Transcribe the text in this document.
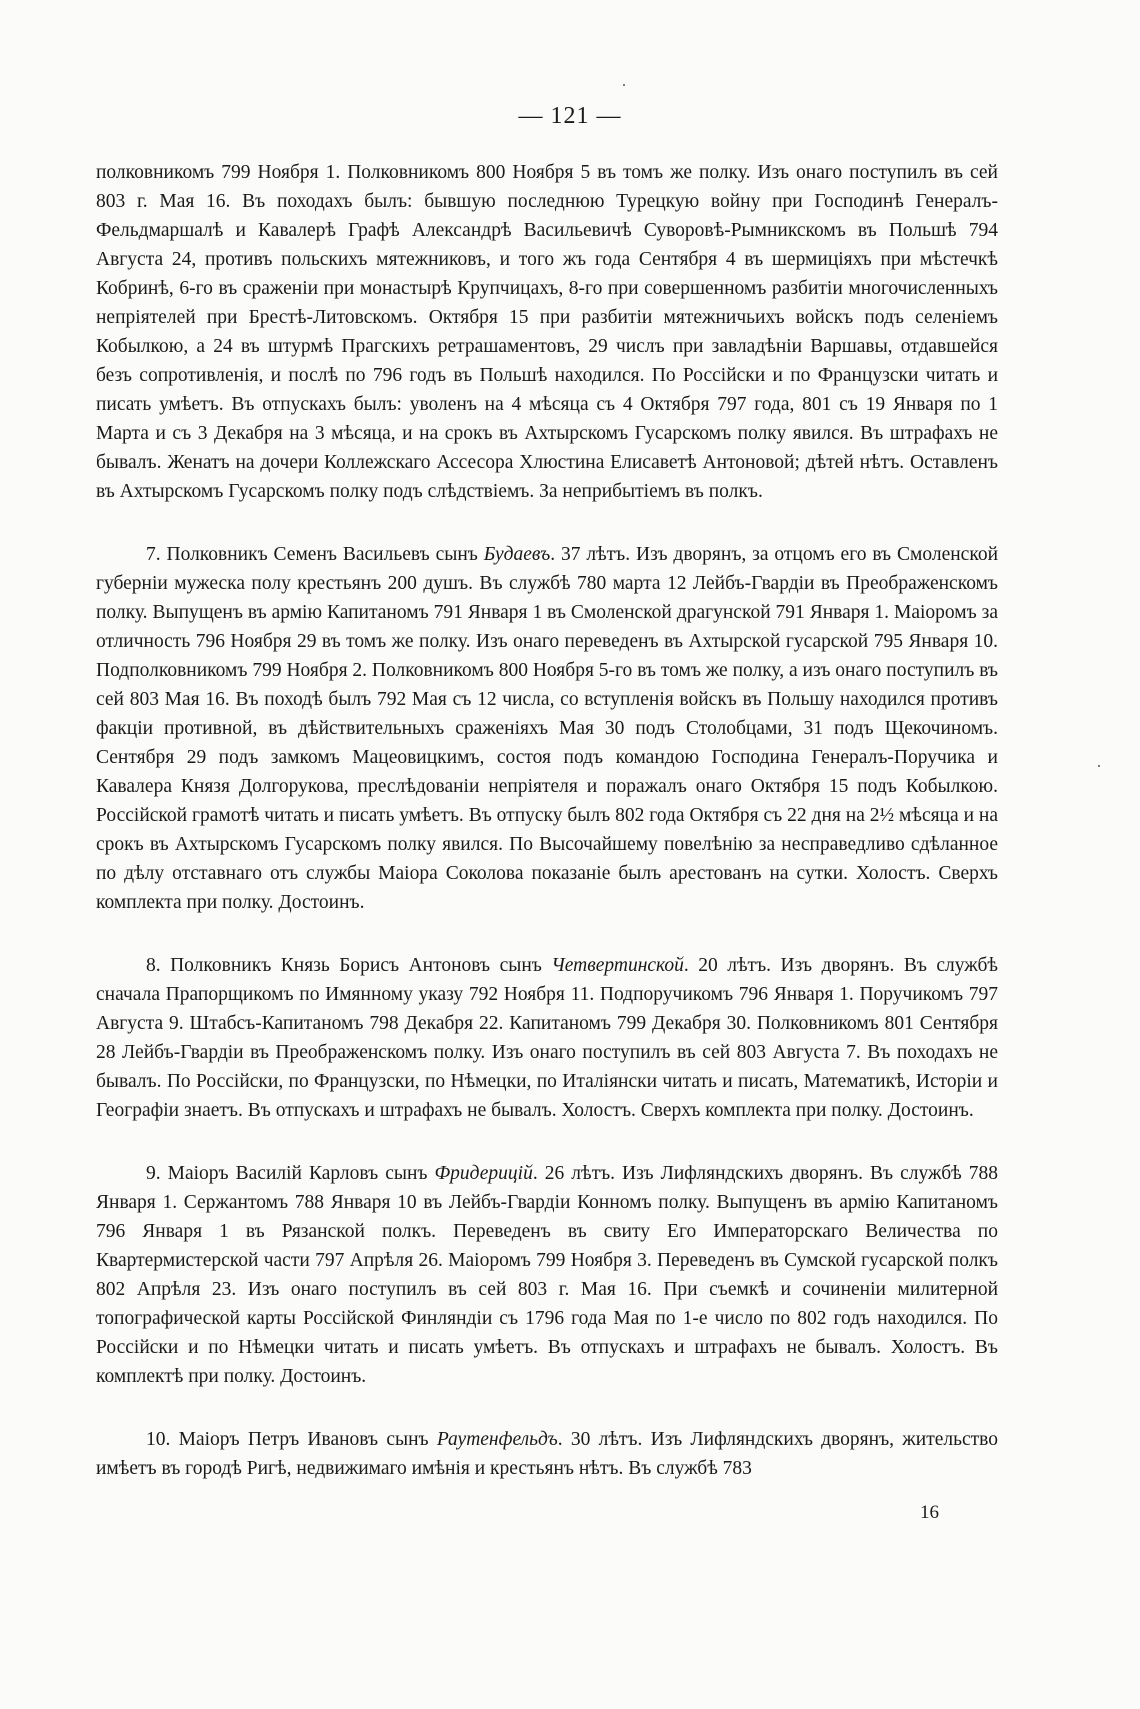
— 121 —

полковникомъ 799 Ноября 1. Полковникомъ 800 Ноября 5 въ томъ же полку. Изъ онаго поступилъ въ сей 803 г. Мая 16. Въ походахъ былъ: бывшую последнюю Турецкую войну при Господинѣ Генералъ-Фельдмаршалѣ и Кавалерѣ Графѣ Александрѣ Васильевичѣ Суворовѣ-Рымникскомъ въ Польшѣ 794 Августа 24, противъ польскихъ мятежниковъ, и того жъ года Сентября 4 въ шермиціяхъ при мѣстечкѣ Кобринѣ, 6-го въ сраженіи при монастырѣ Крупчицахъ, 8-го при совершенномъ разбитіи многочисленныхъ непріятелей при Брестѣ-Литовскомъ. Октября 15 при разбитіи мятежничьихъ войскъ подъ селеніемъ Кобылкою, а 24 въ штурмѣ Прагскихъ ретрашаментовъ, 29 числъ при завладѣніи Варшавы, отдавшейся безъ сопротивленія, и послѣ по 796 годъ въ Польшѣ находился. По Россійски и по Французски читать и писать умѣетъ. Въ отпускахъ былъ: уволенъ на 4 мѣсяца съ 4 Октября 797 года, 801 съ 19 Января по 1 Марта и съ 3 Декабря на 3 мѣсяца, и на срокъ въ Ахтырскомъ Гусарскомъ полку явился. Въ штрафахъ не бывалъ. Женатъ на дочери Коллежскаго Ассесора Хлюстина Елисаветѣ Антоновой; дѣтей нѣтъ. Оставленъ въ Ахтырскомъ Гусарскомъ полку подъ слѣдствіемъ. За неприбытіемъ въ полкъ.

7. Полковникъ Семенъ Васильевъ сынъ Будаевъ. 37 лѣтъ. Изъ дворянъ, за отцомъ его въ Смоленской губерніи мужеска полу крестьянъ 200 душъ. Въ службѣ 780 марта 12 Лейбъ-Гвардіи въ Преображенскомъ полку. Выпущенъ въ армію Капитаномъ 791 Января 1 въ Смоленской драгунской 791 Января 1. Маіоромъ за отличность 796 Ноября 29 въ томъ же полку. Изъ онаго переведенъ въ Ахтырской гусарской 795 Января 10. Подполковникомъ 799 Ноября 2. Полковникомъ 800 Ноября 5-го въ томъ же полку, а изъ онаго поступилъ въ сей 803 Мая 16. Въ походѣ былъ 792 Мая съ 12 числа, со вступленія войскъ въ Польшу находился противъ факціи противной, въ дѣйствительныхъ сраженіяхъ Мая 30 подъ Столобцами, 31 подъ Щекочиномъ. Сентября 29 подъ замкомъ Мацеовицкимъ, состоя подъ командою Господина Генералъ-Поручика и Кавалера Князя Долгорукова, преслѣдованіи непріятеля и поражалъ онаго Октября 15 подъ Кобылкою. Россійской грамотѣ читать и писать умѣетъ. Въ отпуску былъ 802 года Октября съ 22 дня на 2½ мѣсяца и на срокъ въ Ахтырскомъ Гусарскомъ полку явился. По Высочайшему повелѣнію за несправедливо сдѣланное по дѣлу отставнаго отъ службы Маіора Соколова показаніе былъ арестованъ на сутки. Холостъ. Сверхъ комплекта при полку. Достоинъ.

8. Полковникъ Князь Борисъ Антоновъ сынъ Четвертинской. 20 лѣтъ. Изъ дворянъ. Въ службѣ сначала Прапорщикомъ по Имянному указу 792 Ноября 11. Подпоручикомъ 796 Января 1. Поручикомъ 797 Августа 9. Штабсъ-Капитаномъ 798 Декабря 22. Капитаномъ 799 Декабря 30. Полковникомъ 801 Сентября 28 Лейбъ-Гвардіи въ Преображенскомъ полку. Изъ онаго поступилъ въ сей 803 Августа 7. Въ походахъ не бывалъ. По Россійски, по Французски, по Нѣмецки, по Италіянски читать и писать, Математикѣ, Исторіи и Географіи знаетъ. Въ отпускахъ и штрафахъ не бывалъ. Холостъ. Сверхъ комплекта при полку. Достоинъ.

9. Маіоръ Василій Карловъ сынъ Фридерицій. 26 лѣтъ. Изъ Лифляндскихъ дворянъ. Въ службѣ 788 Января 1. Сержантомъ 788 Января 10 въ Лейбъ-Гвардіи Конномъ полку. Выпущенъ въ армію Капитаномъ 796 Января 1 въ Рязанской полкъ. Переведенъ въ свиту Его Императорскаго Величества по Квартермистерской части 797 Апрѣля 26. Маіоромъ 799 Ноября 3. Переведенъ въ Сумской гусарской полкъ 802 Апрѣля 23. Изъ онаго поступилъ въ сей 803 г. Мая 16. При съемкѣ и сочиненіи милитерной топографической карты Россійской Финляндіи съ 1796 года Мая по 1-е число по 802 годъ находился. По Россійски и по Нѣмецки читать и писать умѣетъ. Въ отпускахъ и штрафахъ не бывалъ. Холостъ. Въ комплектѣ при полку. Достоинъ.

10. Маіоръ Петръ Ивановъ сынъ Раутенфельдъ. 30 лѣтъ. Изъ Лифляндскихъ дворянъ, жительство имѣетъ въ городѣ Ригѣ, недвижимаго имѣнія и крестьянъ нѣтъ. Въ службѣ 783

16
